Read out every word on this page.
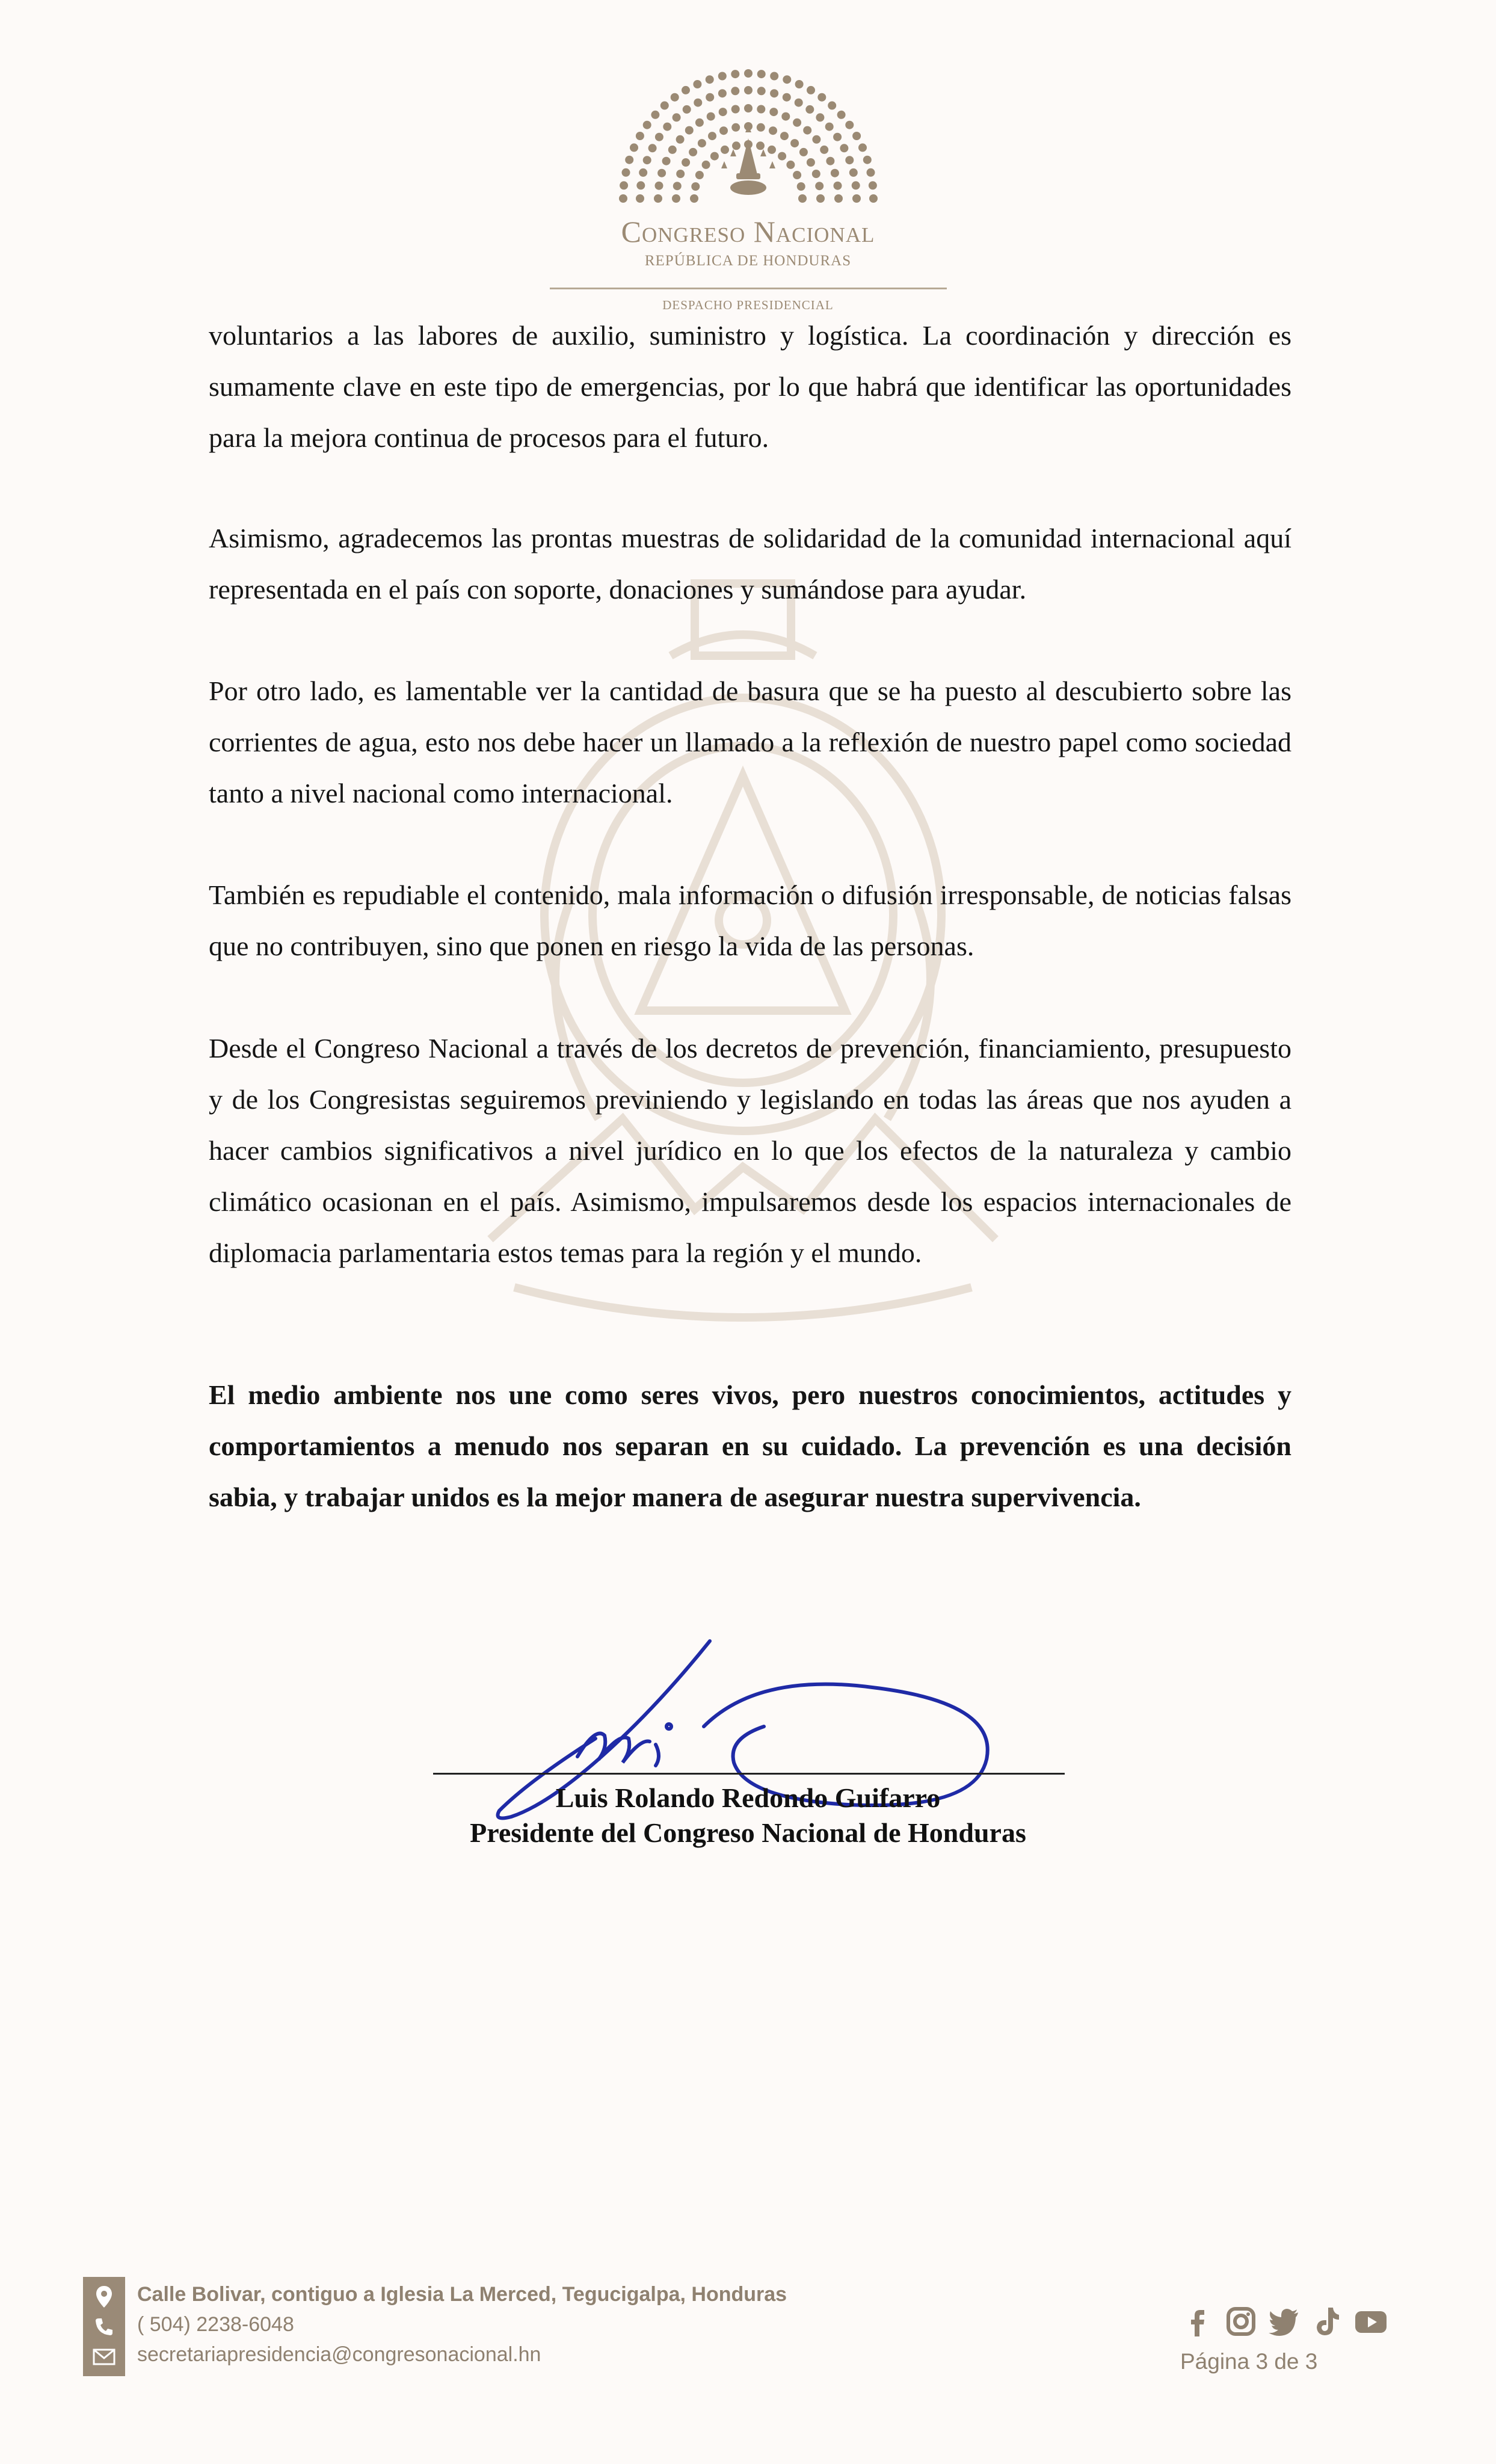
Congreso Nacional
REPÚBLICA DE HONDURAS
DESPACHO PRESIDENCIAL

voluntarios a las labores de auxilio, suministro y logística. La coordinación y dirección es sumamente clave en este tipo de emergencias, por lo que habrá que identificar las oportunidades para la mejora continua de procesos para el futuro.

Asimismo, agradecemos las prontas muestras de solidaridad de la comunidad internacional aquí representada en el país con soporte, donaciones y sumándose para ayudar.

Por otro lado, es lamentable ver la cantidad de basura que se ha puesto al descubierto sobre las corrientes de agua, esto nos debe hacer un llamado a la reflexión de nuestro papel como sociedad tanto a nivel nacional como internacional.

También es repudiable el contenido, mala información o difusión irresponsable, de noticias falsas que no contribuyen, sino que ponen en riesgo la vida de las personas.

Desde el Congreso Nacional a través de los decretos de prevención, financiamiento, presupuesto y de los Congresistas seguiremos previniendo y legislando en todas las áreas que nos ayuden a hacer cambios significativos a nivel jurídico en lo que los efectos de la naturaleza y cambio climático ocasionan en el país. Asimismo, impulsaremos desde los espacios internacionales de diplomacia parlamentaria estos temas para la región y el mundo.

El medio ambiente nos une como seres vivos, pero nuestros conocimientos, actitudes y comportamientos a menudo nos separan en su cuidado. La prevención es una decisión sabia, y trabajar unidos es la mejor manera de asegurar nuestra supervivencia.

Luis Rolando Redondo Guifarro
Presidente del Congreso Nacional de Honduras
Calle Bolivar, contiguo a Iglesia La Merced, Tegucigalpa, Honduras
( 504) 2238-6048
secretariapresidencia@congresonacional.hn	Página 3 de 3
